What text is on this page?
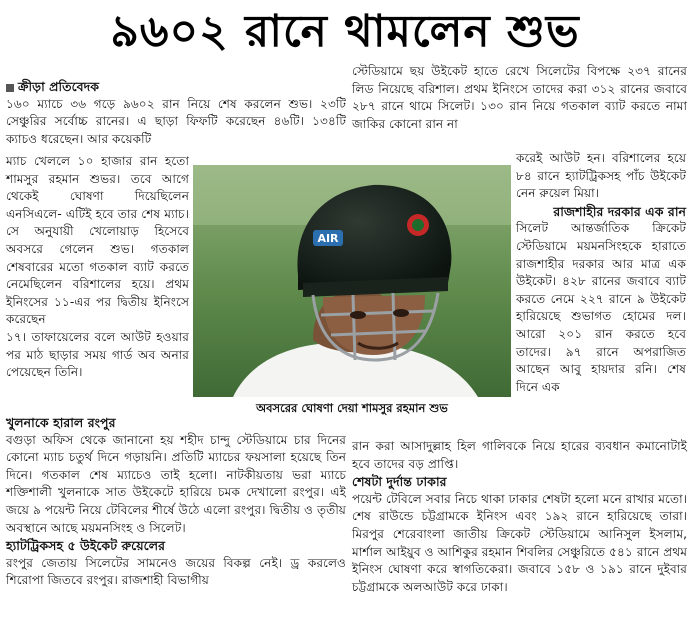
৯৬০২ রানে থামলেন শুভ

ক্রীড়া প্রতিবেদক

১৬০ ম্যাচে ৩৬ গড়ে ৯৬০২ রান নিয়ে শেষ করলেন শুভ। ২৩টি সেঞ্চুরির সর্বোচ্চ রানের। এ ছাড়া ফিফটি করেছেন ৪৬টি। ১৩৪টি ক্যাচও ধরেছেন। আর কয়েকটি

ম্যাচ খেললে ১০ হাজার রান হতো শামসুর রহমান শুভর। তবে আগে থেকেই ঘোষণা দিয়েছিলেন এনসিএলে- এটিই হবে তার শেষ ম্যাচ। সে অনুযায়ী খেলোয়াড় হিসেবে অবসরে গেলেন শুভ। গতকাল শেষবারের মতো গতকাল ব্যাট করতে নেমেছিলেন বরিশালের হয়ে। প্রথম ইনিংসের ১১-এর পর দ্বিতীয় ইনিংসে করেছেন

১৭। তাফায়েলের বলে আউট হওয়ার পর মাঠ ছাড়ার সময় গার্ড অব অনার পেয়েছেন তিনি।

স্টেডিয়ামে ছয় উইকেট হাতে রেখে সিলেটের বিপক্ষে ২৩৭ রানের লিড নিয়েছে বরিশাল। প্রথম ইনিংসে তাদের করা ৩১২ রানের জবাবে ২৮৭ রানে থামে সিলেট। ১৩০ রান নিয়ে গতকাল ব্যাট করতে নামা জাকির কোনো রান না

করেই আউট হন। বরিশালের হয়ে ৮৪ রানে হ্যাটট্রিকসহ পাঁচ উইকেট নেন রুয়েল মিয়া।

রাজশাহীর দরকার এক রান

সিলেট আন্তর্জাতিক ক্রিকেট স্টেডিয়ামে ময়মনসিংহকে হারাতে রাজশাহীর দরকার আর মাত্র এক উইকেট। ৪২৮ রানের জবাবে ব্যাট করতে নেমে ২২৭ রানে ৯ উইকেট হারিয়েছে শুভাগত হোমের দল। আরো ২০১ রান করতে হবে তাদের। ৯৭ রানে অপরাজিত আছেন আবু হায়দার রনি। শেষ দিনে এক

AIR
অবসরের ঘোষণা দেয়া শামসুর রহমান শুভ

খুলনাকে হারাল রংপুর

বগুড়া অফিস থেকে জানানো হয় শহীদ চান্দু স্টেডিয়ামে চার দিনের কোনো ম্যাচ চতুর্থ দিনে গড়ায়নি। প্রতিটি ম্যাচের ফয়সালা হয়েছে তিন দিনে। গতকাল শেষ ম্যাচেও তাই হলো। নাটকীয়তায় ভরা ম্যাচে শক্তিশালী খুলনাকে সাত উইকেটে হারিয়ে চমক দেখালো রংপুর। এই জয়ে ৯ পয়েন্ট নিয়ে টেবিলের শীর্ষে উঠে এলো রংপুর। দ্বিতীয় ও তৃতীয় অবস্থানে আছে ময়মনসিংহ ও সিলেট।

হ্যাটট্রিকসহ ৫ উইকেট রুয়েলের

রংপুর জেতায় সিলেটের সামনেও জয়ের বিকল্প নেই। ড্র করলেও শিরোপা জিতবে রংপুর। রাজশাহী বিভাগীয়

রান করা আসাদুল্লাহ হিল গালিবকে নিয়ে হারের ব্যবধান কমানোটাই হবে তাদের বড় প্রাপ্তি।

শেষটা দুর্দান্ত ঢাকার

পয়েন্ট টেবিলে সবার নিচে থাকা ঢাকার শেষটা হলো মনে রাখার মতো। শেষ রাউন্ডে চট্টগ্রামকে ইনিংস এবং ১৯২ রানে হারিয়েছে তারা। মিরপুর শেরেবাংলা জাতীয় ক্রিকেট স্টেডিয়ামে আনিসুল ইসলাম, মার্শাল আইয়ুব ও আশিকুর রহমান শিবলির সেঞ্চুরিতে ৫৪১ রানে প্রথম ইনিংস ঘোষণা করে স্বাগতিকেরা। জবাবে ১৫৮ ও ১৯১ রানে দুইবার চট্টগ্রামকে অলআউট করে ঢাকা।
